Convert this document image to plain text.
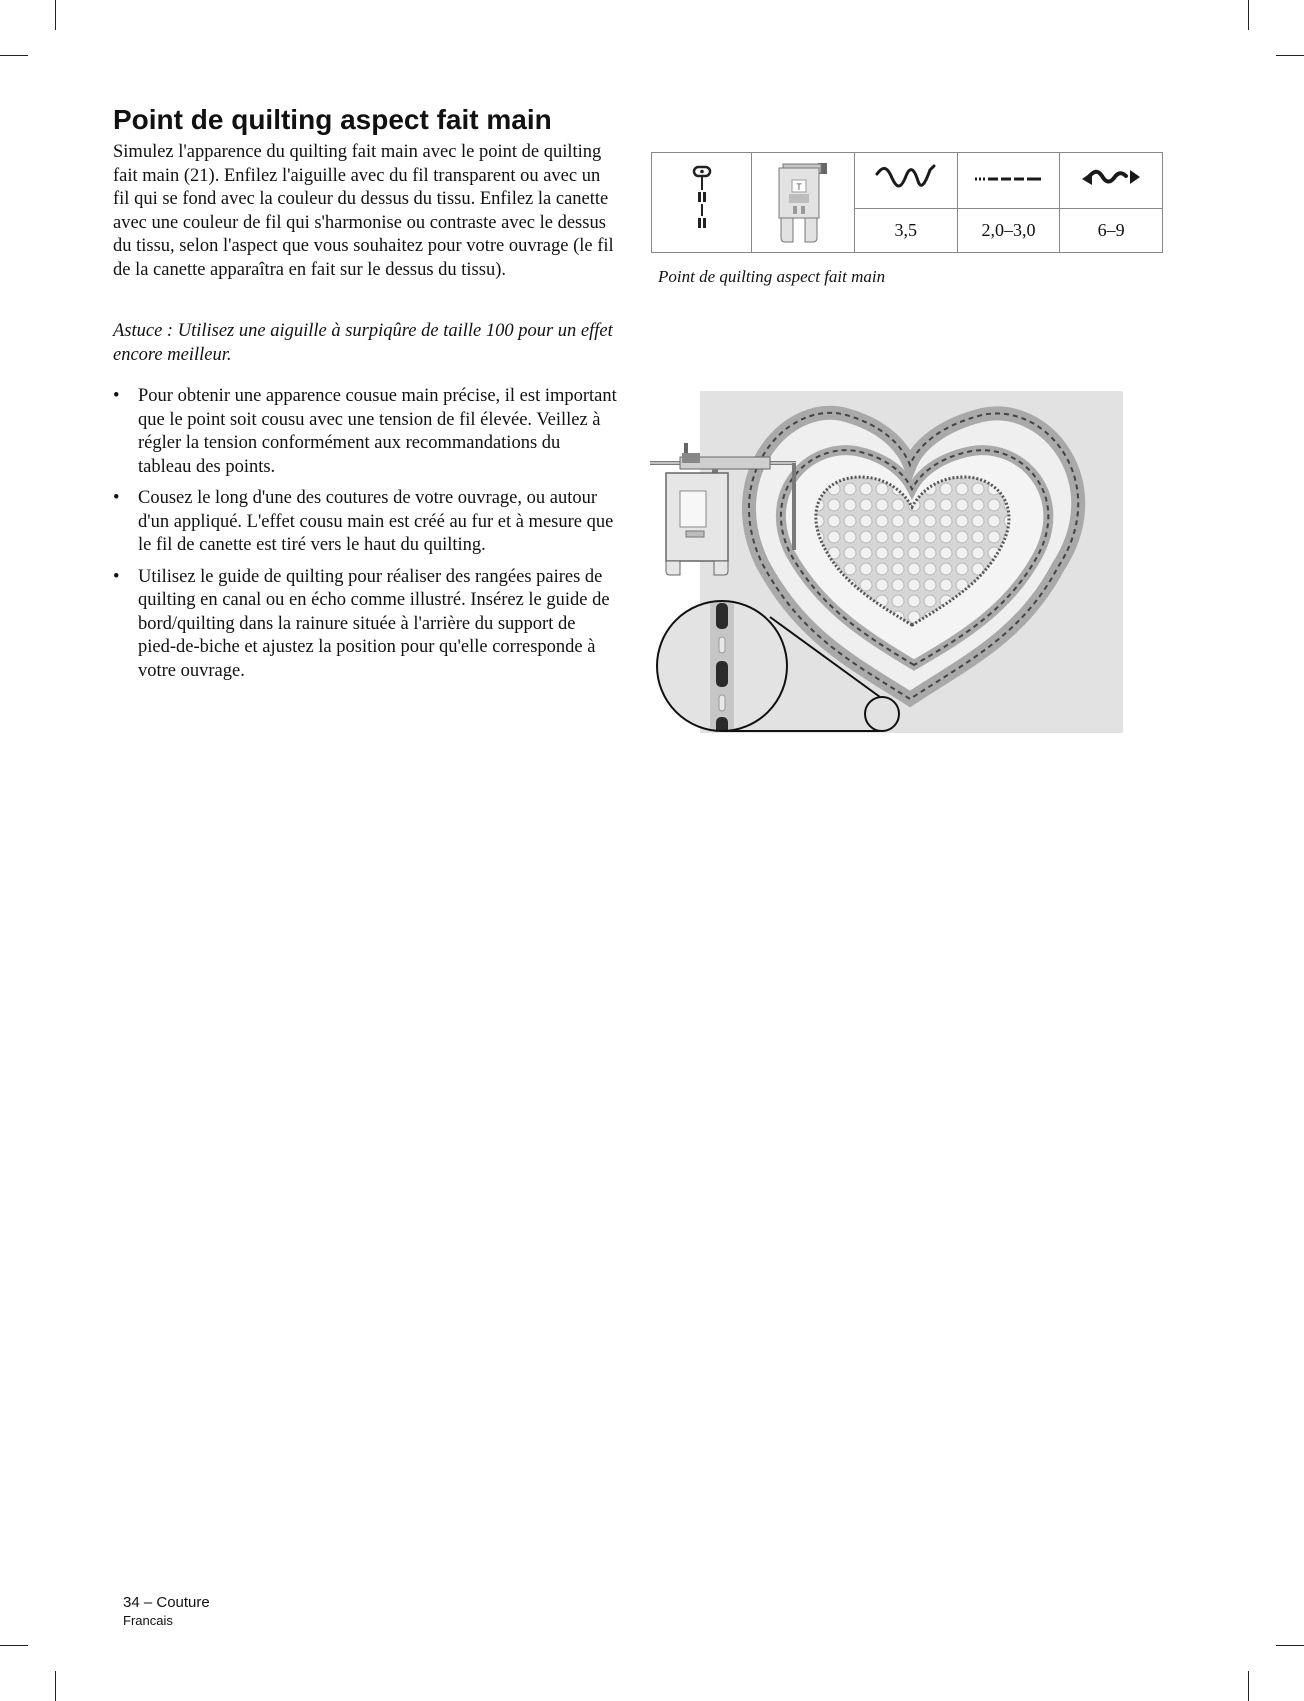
Point de quilting aspect fait main

Simulez l'apparence du quilting fait main avec le point de quilting fait main (21). Enfilez l'aiguille avec du fil transparent ou avec un fil qui se fond avec la couleur du dessus du tissu. Enfilez la canette avec une couleur de fil qui s'harmonise ou contraste avec le dessus du tissu, selon l'aspect que vous souhaitez pour votre ouvrage (le fil de la canette apparaîtra en fait sur le dessus du tissu).

Astuce : Utilisez une aiguille à surpiqûre de taille 100 pour un effet encore meilleur.

• Pour obtenir une apparence cousue main précise, il est important que le point soit cousu avec une tension de fil élevée. Veillez à régler la tension conformément aux recommandations du tableau des points.
• Cousez le long d'une des coutures de votre ouvrage, ou autour d'un appliqué. L'effet cousu main est créé au fur et à mesure que le fil de canette est tiré vers le haut du quilting.
• Utilisez le guide de quilting pour réaliser des rangées paires de quilting en canal ou en écho comme illustré. Insérez le guide de bord/quilting dans la rainure située à l'arrière du support de pied-de-biche et ajustez la position pour qu'elle corresponde à votre ouvrage.

T

		3,5	2,0–3,0	6–9
Point de quilting aspect fait main
34 – Couture
Francais
